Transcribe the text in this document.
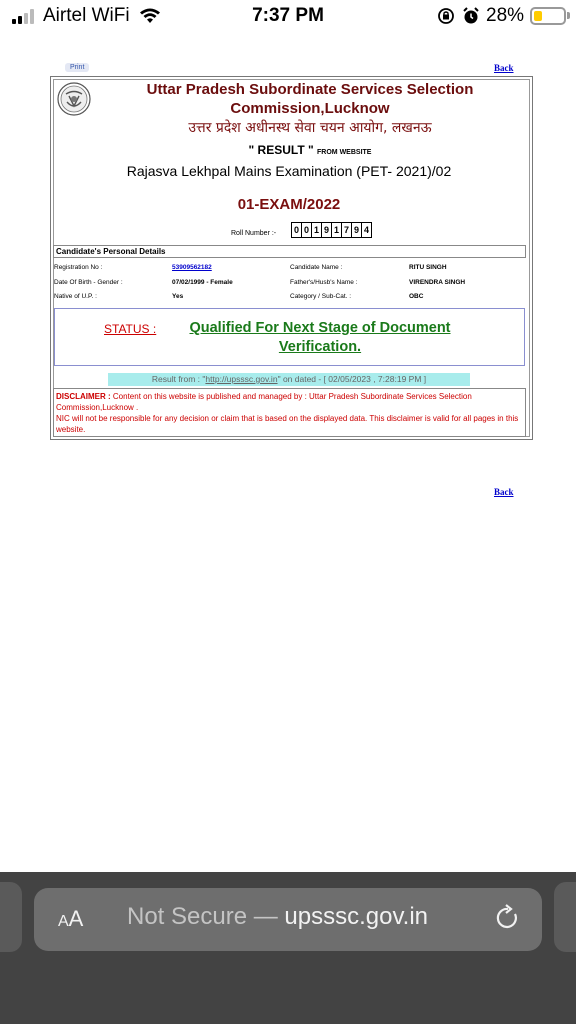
Airtel WiFi	7:37 PM	28%
Print	Back
Back
Uttar Pradesh Subordinate Services Selection
Commission,Lucknow
उत्तर प्रदेश अधीनस्थ सेवा चयन आयोग, लखनऊ
" RESULT " FROM WEBSITE
Rajasva Lekhpal Mains Examination (PET- 2021)/02
01-EXAM/2022
Roll Number :-	0 0 1 9 1 7 9 4
Candidate's Personal Details
Registration No :	53909562182	Candidate Name :	RITU SINGH
Date Of Birth - Gender :	07/02/1999 - Female	Father's/Husb's Name :	VIRENDRA SINGH
Native of U.P. :	Yes	Category / Sub-Cat. :	OBC
STATUS :	Qualified For Next Stage of Document Verification.
Result from : "http://upsssc.gov.in" on dated - [ 02/05/2023 , 7:28:19 PM ]
DISCLAIMER : Content on this website is published and managed by : Uttar Pradesh Subordinate Services Selection Commission,Lucknow .
NIC will not be responsible for any decision or claim that is based on the displayed data. This disclaimer is valid for all pages in this website.
AA Not Secure — upsssc.gov.in
